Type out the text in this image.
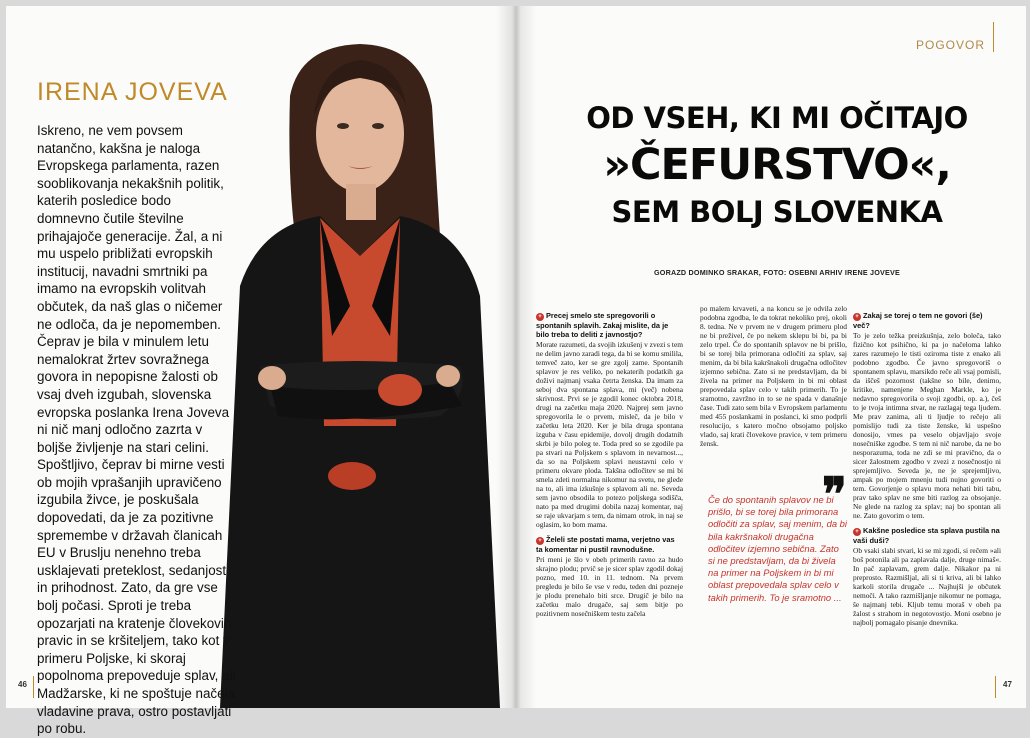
IRENA JOVEVA
Iskreno, ne vem povsem natančno, kakšna je naloga Evropskega parlamenta, razen sooblikovanja nekakšnih politik, katerih posledice bodo domnevno čutile številne prihajajoče generacije. Žal, a ni mu uspelo približati evropskih institucij, navadni smrtniki pa imamo na evropskih volitvah občutek, da naš glas o ničemer ne odloča, da je nepomemben. Čeprav je bila v minulem letu nemalokrat žrtev sovražnega govora in nepopisne žalosti ob vsaj dveh izgubah, slovenska evropska poslanka Irena Joveva ni nič manj odločno zazrta v boljše življenje na stari celini. Spoštljivo, čeprav bi mirne vesti ob mojih vprašanjih upravičeno izgubila živce, je poskušala dopovedati, da je za pozitivne spremembe v državah članicah EU v Bruslju nenehno treba usklajevati preteklost, sedanjost in prihodnost. Zato, da gre vse bolj počasi. Sproti je treba opozarjati na kratenje človekovih pravic in se kršiteljem, tako kot v primeru Poljske, ki skoraj popolnoma prepoveduje splav, ali Madžarske, ki ne spoštuje načela vladavine prava, ostro postavljati po robu.
46
POGOVOR
OD VSEH, KI MI OČITAJO
»ČEFURSTVO«,
SEM BOLJ SLOVENKA
GORAZD DOMINKO SRAKAR, FOTO: OSEBNI ARHIV IRENE JOVEVE
+ Precej smelo ste spregovorili o spontanih splavih. Zakaj mislite, da je bilo treba to deliti z javnostjo?

Morate razumeti, da svojih izkušenj v zvezi s tem ne delim javno zaradi tega, da bi se komu smilila, temveč zato, ker se gre zgolj zame. Spontanih splavov je res veliko, po nekaterih podatkih ga doživi najmanj vsaka četrta ženska. Da imam za seboj dva spontana splava, mi (več) nobena skrivnost. Prvi se je zgodil konec oktobra 2018, drugi na začetku maja 2020. Najprej sem javno spregovorila le o prvem, misleč, da je bilo v začetku leta 2020. Ker je bila druga spontana izguba v času epidemije, dovolj drugih dodatnih skrbi je bilo poleg te. Toda pred so se zgodile pa pa stvari na Poljskem s splavom in nevarnost..., da so na Poljskem splavi neustavni celo v primeru okvare ploda. Takšna odločitev se mi bi smela zdeti normalna nikomur na svetu, ne glede na to, ali ima izkušnje s splavom ali ne. Seveda sem javno obsodila to potezo poljskega sodišča, nato pa med drugimi dobila nazaj komentar, naj se raje ukvarjam s tem, da nimam otrok, in naj se oglasim, ko bom mama.

+ Želeli ste postati mama, verjetno vas ta komentar ni pustil ravnodušne.

Pri meni je šlo v obeh primerih ravno za hudo skrajno plodu; prvič se je sicer splav zgodil dokaj pozno, med 10. in 11. tednom. Na prvem pregledu je bilo še vse v redu, teden dni pozneje je plodu prenehalo biti srce. Drugič je bilo na začetku malo drugače, saj sem bitje po pozitivnem nosečniškem testu začela

po malem krvaveti, a na koncu se je odvila zelo podobna zgodba, le da tokrat nekoliko prej, okoli 8. tedna. Ne v prvem ne v drugem primeru plod ne bi preživel, če po nekem sklepu bi bi, pa bi zelo trpel. Če do spontanih splavov ne bi prišlo, bi se torej bila primorana odločiti za splav, saj menim, da bi bila kakršnakoli drugačna odločitev izjemno sebična. Zato si ne predstavljam, da bi živela na primer na Poljskem in bi mi oblast prepovedala splav celo v takih primerih. To je sramotno, zavržno in to se ne spada v današnje čase. Tudi zato sem bila v Evropskem parlamentu med 455 poslankami in poslanci, ki smo podprli resolucijo, s katero močno obsojamo poljsko vlado, saj krati človekove pravice, v tem primeru žensk.

❞
Če do spontanih splavov ne bi prišlo, bi se torej bila primorana odločiti za splav, saj menim, da bi bila kakršnakoli drugačna odločitev izjemno sebična. Zato si ne predstavljam, da bi živela na primer na Poljskem in bi mi oblast prepovedala splav celo v takih primerih. To je sramotno ...
+ Zakaj se torej o tem ne govori (še) več?

To je zelo težka preizkušnja, zelo boleča, tako fizično kot psihično, ki pa jo načeloma lahko zares razumejo le tisti oziroma tiste z enako ali podobno zgodbo. Če javno spregovoriš o spontanem splavu, marsikdo reče ali vsaj pomisli, da iščeš pozornost (takšne so bile, denimo, kritike, namenjene Meghan Markle, ko je nedavno spregovorila o svoji zgodbi, op. a.), češ to je tvoja intimna stvar, ne razlagaj tega ljudem. Me prav zanima, ali ti ljudje to rečejo ali pomislijo tudi za tiste ženske, ki uspešno donosijo, vmes pa veselo objavljajo svoje nosečniške zgodbe. S tem ni nič narobe, da ne bo nesporazuma, toda ne zdi se mi pravično, da o sicer žalostnem zgodbo v zvezi z nosečnostjo ni sprejemljivo. Seveda je, ne je sprejemljivo, ampak po mojem mnenju tudi nujno govoriti o tem. Govorjenje o splavu mora nehati biti tabu, prav tako splav ne sme biti razlog za obsojanje. Ne glede na razlog za splav; naj bo spontan ali ne. Zato govorim o tem.

+ Kakšne posledice sta splava pustila na vaši duši?

Ob vsaki slabi stvari, ki se mi zgodi, si rečem »ali boš potonila ali pa zaplavala dalje, druge nimaš«. In pač zaplavam, grem dalje. Nikakor pa ni preprosto. Razmišljal, ali si ti kriva, ali bi lahko karkoli storila drugače ... Najhujši je občutek nemoči. A tako razmišljanje nikomur ne pomaga, še najmanj tebi. Kljub temu moraš v obeh pa žalost s strahom in negotovostjo. Moni osebno je najbolj pomagalo pisanje dnevnika.

47
